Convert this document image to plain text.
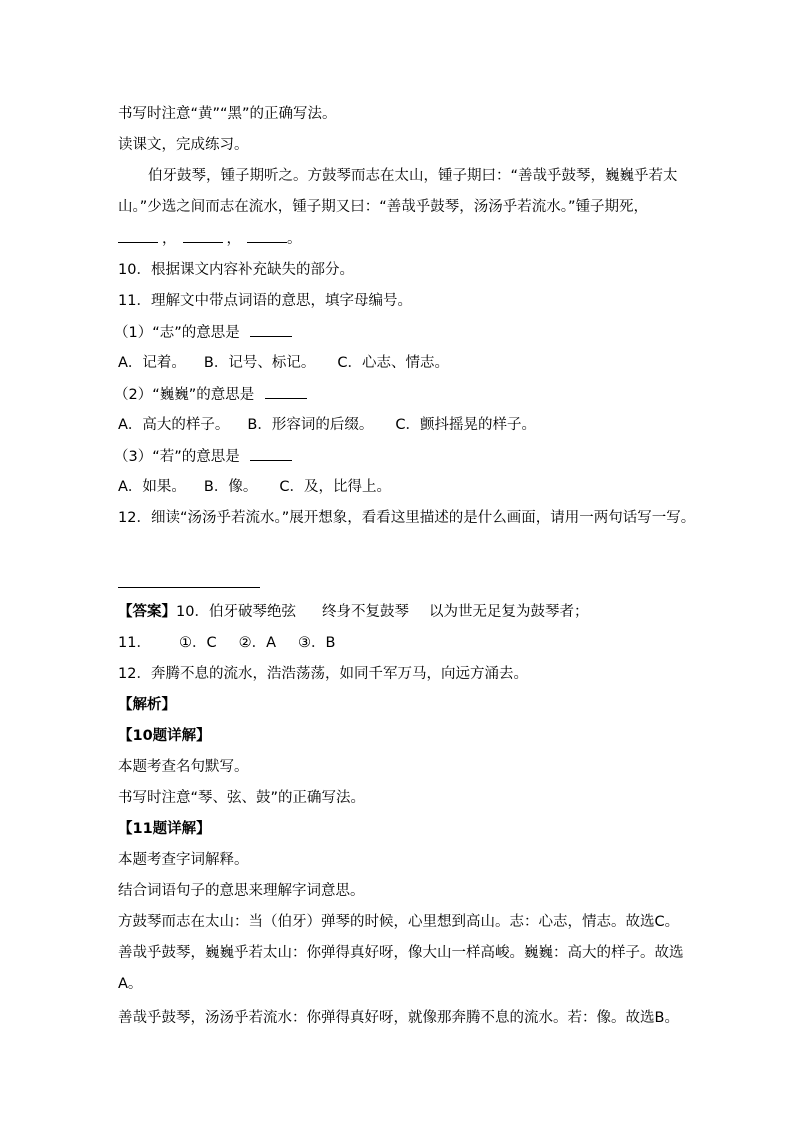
书写时注意“黄”“黑”的正确写法。
读课文，完成练习。
伯牙鼓琴，锺子期听之。方鼓琴而志在太山，锺子期曰：“善哉乎鼓琴，巍巍乎若太
山。”少选之间而志在流水，锺子期又曰：“善哉乎鼓琴，汤汤乎若流水。”锺子期死，
，	，	。
10．根据课文内容补充缺失的部分。
11．理解文中带点词语的意思，填字母编号。
（1）“志”的意思是
A．记着。 B．记号、标记。 C．心志、情志。
（2）“巍巍”的意思是
A．高大的样子。 B．形容词的后缀。 C．颤抖摇晃的样子。
（3）“若”的意思是
A．如果。 B．像。 C．及，比得上。
12．细读“汤汤乎若流水。”展开想象，看看这里描述的是什么画面，请用一两句话写一写。
【答案】10．伯牙破琴绝弦 终身不复鼓琴 以为世无足复为鼓琴者；
11． ①．C ②．A ③．B
12．奔腾不息的流水，浩浩荡荡，如同千军万马，向远方涌去。
【解析】
【10题详解】
本题考查名句默写。
书写时注意“琴、弦、鼓”的正确写法。
【11题详解】
本题考查字词解释。
结合词语句子的意思来理解字词意思。
方鼓琴而志在太山：当（伯牙）弹琴的时候，心里想到高山。志：心志，情志。故选C。
善哉乎鼓琴，巍巍乎若太山：你弹得真好呀，像大山一样高峻。巍巍：高大的样子。故选
A。
善哉乎鼓琴，汤汤乎若流水：你弹得真好呀，就像那奔腾不息的流水。若：像。故选B。
